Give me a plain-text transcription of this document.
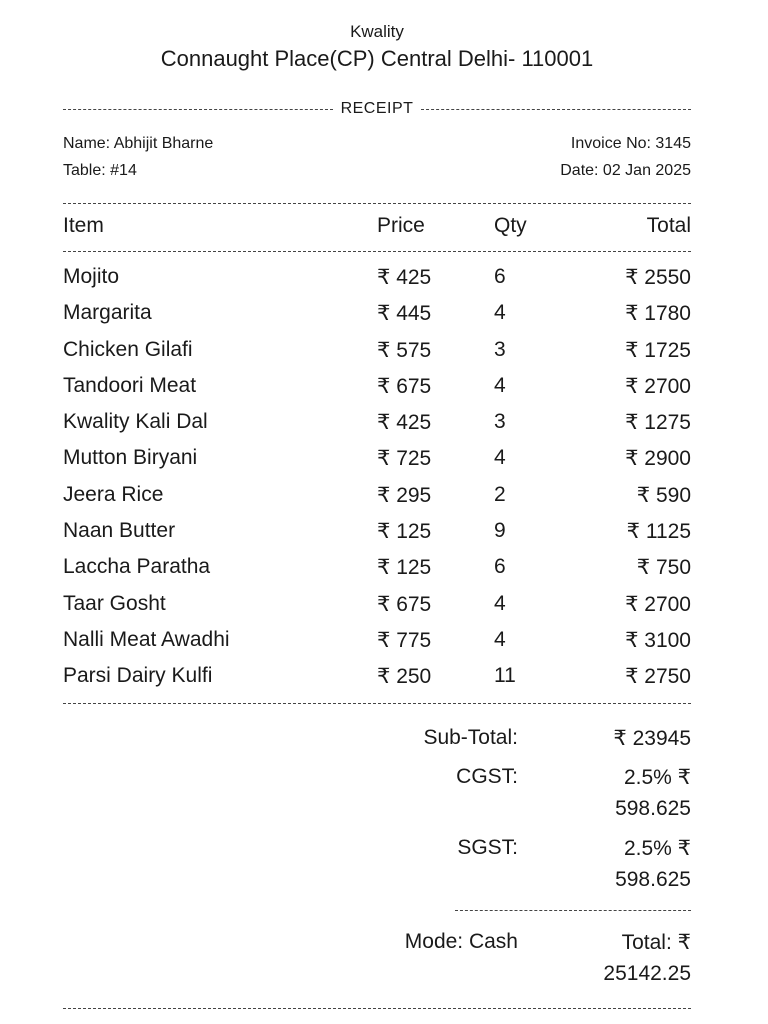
Kwality
Connaught Place(CP) Central Delhi- 110001
RECEIPT
Name: Abhijit Bharne	Invoice No: 3145
Table: #14	Date: 02 Jan 2025
Item	Price	Qty	Total
Mojito	₹ 425	6	₹ 2550
Margarita	₹ 445	4	₹ 1780
Chicken Gilafi	₹ 575	3	₹ 1725
Tandoori Meat	₹ 675	4	₹ 2700
Kwality Kali Dal	₹ 425	3	₹ 1275
Mutton Biryani	₹ 725	4	₹ 2900
Jeera Rice	₹ 295	2	₹ 590
Naan Butter	₹ 125	9	₹ 1125
Laccha Paratha	₹ 125	6	₹ 750
Taar Gosht	₹ 675	4	₹ 2700
Nalli Meat Awadhi	₹ 775	4	₹ 3100
Parsi Dairy Kulfi	₹ 250	11	₹ 2750
Sub-Total:	₹ 23945
CGST:	2.5% ₹ 598.625
SGST:	2.5% ₹ 598.625
Mode: Cash	Total: ₹ 25142.25
